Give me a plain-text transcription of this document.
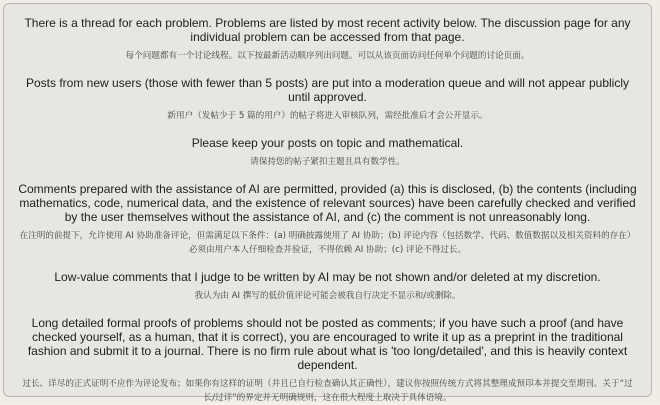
There is a thread for each problem. Problems are listed by most recent activity below. The discussion page for any individual problem can be accessed from that page.

每个问题都有一个讨论线程。以下按最新活动顺序列出问题。可以从该页面访问任何单个问题的讨论页面。

Posts from new users (those with fewer than 5 posts) are put into a moderation queue and will not appear publicly until approved.

新用户（发帖少于 5 篇的用户）的帖子将进入审核队列，需经批准后才会公开显示。

Please keep your posts on topic and mathematical.

请保持您的帖子紧扣主题且具有数学性。

Comments prepared with the assistance of AI are permitted, provided (a) this is disclosed, (b) the contents (including mathematics, code, numerical data, and the existence of relevant sources) have been carefully checked and verified by the user themselves without the assistance of AI, and (c) the comment is not unreasonably long.

在注明的前提下，允许使用 AI 协助准备评论，但需满足以下条件：(a) 明确披露使用了 AI 协助；(b) 评论内容（包括数学、代码、数值数据以及相关资料的存在）必须由用户本人仔细检查并验证，不得依赖 AI 协助；(c) 评论不得过长。

Low-value comments that I judge to be written by AI may be not shown and/or deleted at my discretion.

我认为由 AI 撰写的低价值评论可能会被我自行决定不显示和/或删除。

Long detailed formal proofs of problems should not be posted as comments; if you have such a proof (and have checked yourself, as a human, that it is correct), you are encouraged to write it up as a preprint in the traditional fashion and submit it to a journal. There is no firm rule about what is 'too long/detailed', and this is heavily context dependent.

过长、详尽的正式证明不应作为评论发布；如果你有这样的证明（并且已自行检查确认其正确性），建议你按照传统方式将其整理成预印本并提交至期刊。关于“过长/过详”的界定并无明确规则，这在很大程度上取决于具体语境。
